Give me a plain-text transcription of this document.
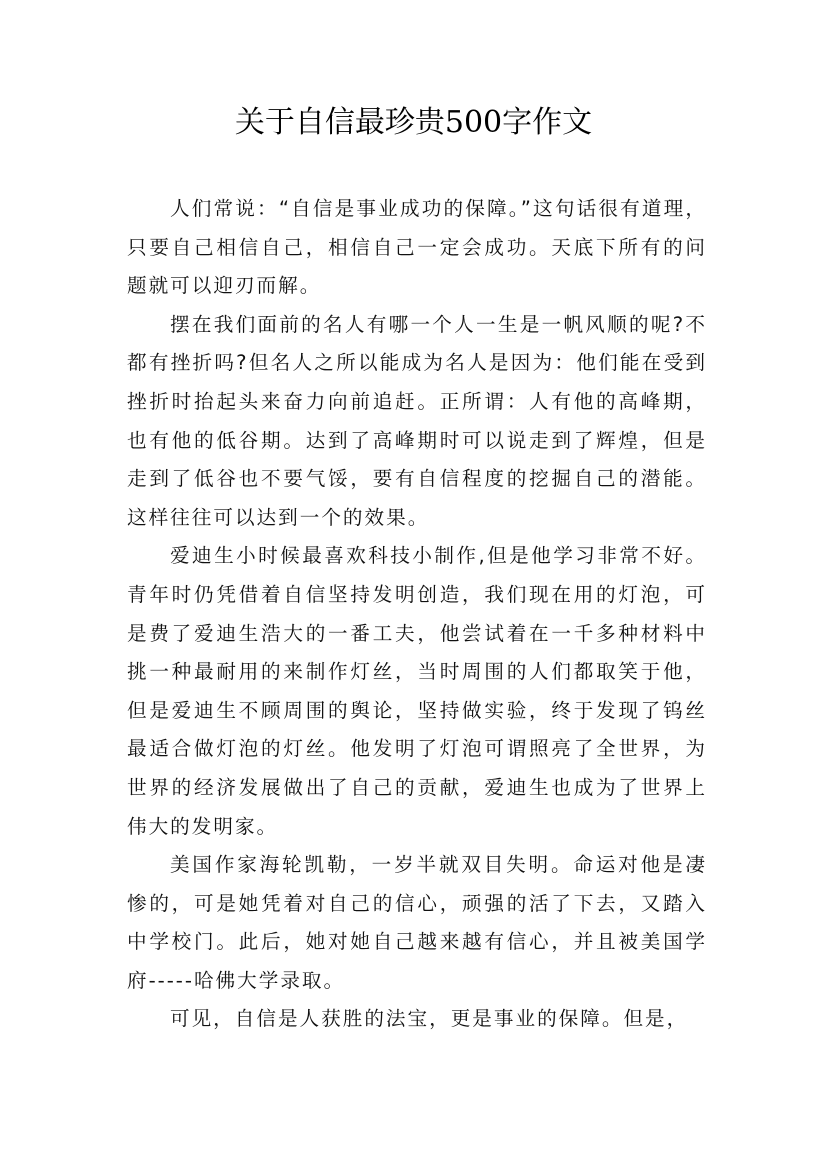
关于自信最珍贵500字作文

人们常说：“自信是事业成功的保障。”这句话很有道理，只要自己相信自己，相信自己一定会成功。天底下所有的问题就可以迎刃而解。

摆在我们面前的名人有哪一个人一生是一帆风顺的呢?不都有挫折吗?但名人之所以能成为名人是因为：他们能在受到挫折时抬起头来奋力向前追赶。正所谓：人有他的高峰期，也有他的低谷期。达到了高峰期时可以说走到了辉煌，但是走到了低谷也不要气馁，要有自信程度的挖掘自己的潜能。这样往往可以达到一个的效果。

爱迪生小时候最喜欢科技小制作,但是他学习非常不好。青年时仍凭借着自信坚持发明创造，我们现在用的灯泡，可是费了爱迪生浩大的一番工夫，他尝试着在一千多种材料中挑一种最耐用的来制作灯丝，当时周围的人们都取笑于他，但是爱迪生不顾周围的舆论，坚持做实验，终于发现了钨丝最适合做灯泡的灯丝。他发明了灯泡可谓照亮了全世界，为世界的经济发展做出了自己的贡献，爱迪生也成为了世界上伟大的发明家。

美国作家海轮凯勒，一岁半就双目失明。命运对他是凄惨的，可是她凭着对自己的信心，顽强的活了下去，又踏入中学校门。此后，她对她自己越来越有信心，并且被美国学府-----哈佛大学录取。

可见，自信是人获胜的法宝，更是事业的保障。但是，
